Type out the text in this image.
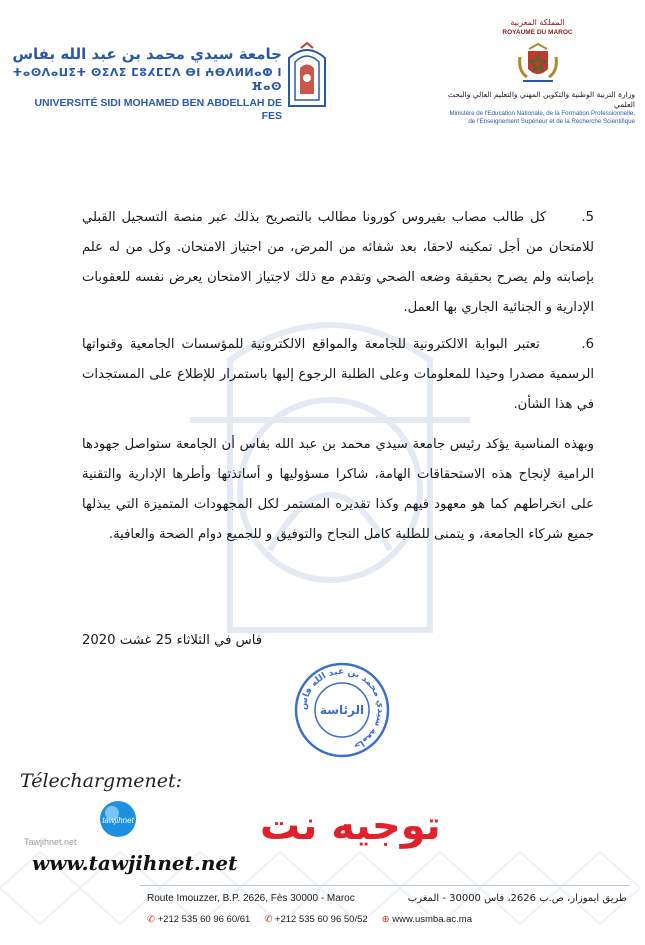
جامعة سيدي محمد بن عبد الله بفاس
ⵜⴰⵙⴷⴰⵡⵉⵜ ⵙⵉⴷⵉ ⵎⵓⵃⵎⵎⴷ ⴱⵏ ⵄⴱⴷⵍⵍⴰⵀ ⵏ ⴼⴰⵙ
UNIVERSITÉ SIDI MOHAMED BEN ABDELLAH DE FES
المملكة المغربية
ROYAUME DU MAROC
وزارة التربية الوطنية والتكوين المهني والتعليم العالي والبحث العلمي
Ministère de l'Education Nationale, de la Formation Professionnelle,
de l'Enseignement Supérieur et de la Recherche Scientifique
5.      كل طالب مصاب بفيروس كورونا مطالب بالتصريح بذلك عبر منصة التسجيل القبلي للامتحان من أجل تمكينه لاحقا، بعد شفائه من المرض، من اجتياز الامتحان. وكل من له علم بإصابته ولم يصرح بحقيقة وضعه الصحي وتقدم مع ذلك لاجتياز الامتحان يعرض نفسه للعقوبات الإدارية و الجنائية الجاري بها العمل.
6.      تعتبر البوابة الالكترونية للجامعة والمواقع الالكترونية للمؤسسات الجامعية وقنواتها الرسمية مصدرا وحيدا للمعلومات وعلى الطلبة الرجوع إليها باستمرار للإطلاع على المستجدات في هذا الشأن.
وبهذه المناسبة يؤكد رئيس جامعة سيدي محمد بن عبد الله بفاس أن الجامعة ستواصل جهودها الرامية لإنجاح هذه الاستحقاقات الهامة، شاكرا مسؤوليها و أساتذتها وأطرها الإدارية والتقنية على انخراطهم كما هو معهود فيهم وكذا تقديره المستمر لكل المجهودات المتميزة التي يبذلها جميع شركاء الجامعة، و يتمنى للطلبة كامل النجاح والتوفيق و للجميع دوام الصحة والعافية.
فاس في الثلاثاء 25 غشت 2020
جامعة سيدي محمد بن عبد الله فاس
الرئاسة
Télechargmenet:
توجيه نت
tawjihnet
Tawjihnet.net
www.tawjihnet.net
Route Imouzzer, B.P. 2626, Fès 30000 - Maroc	طريق ايموزار، ص.ب 2626، فاس 30000 - المغرب
✆ +212 535 60 96 60/61 ✆ +212 535 60 96 50/52 ⊕ www.usmba.ac.ma
